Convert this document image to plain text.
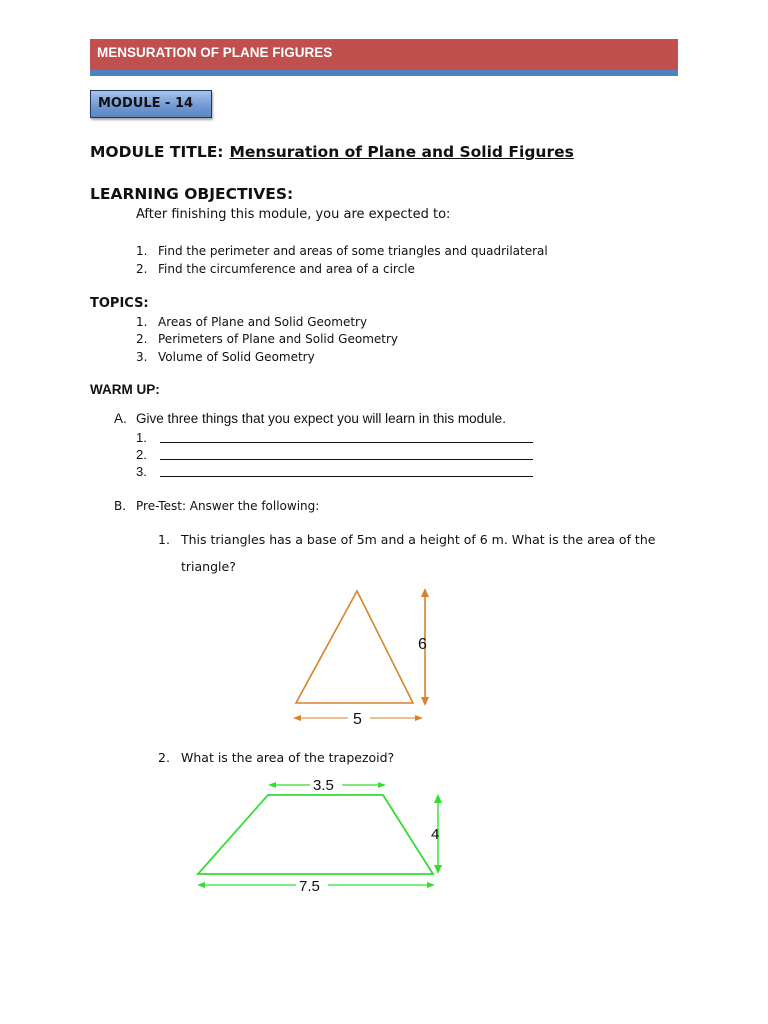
MENSURATION OF PLANE FIGURES
MODULE - 14
MODULE TITLE: Mensuration of Plane and Solid Figures
LEARNING OBJECTIVES:
After finishing this module, you are expected to:
1. Find the perimeter and areas of some triangles and quadrilateral
2. Find the circumference and area of a circle
TOPICS:
1. Areas of Plane and Solid Geometry
2. Perimeters of Plane and Solid Geometry
3. Volume of Solid Geometry
WARM UP:
A. Give three things that you expect you will learn in this module.
1.
2.
3.
B. Pre-Test: Answer the following:
1. This triangles has a base of 5m and a height of 6 m. What is the area of the
triangle?
6
5
2. What is the area of the trapezoid?
3.5
4
7.5
